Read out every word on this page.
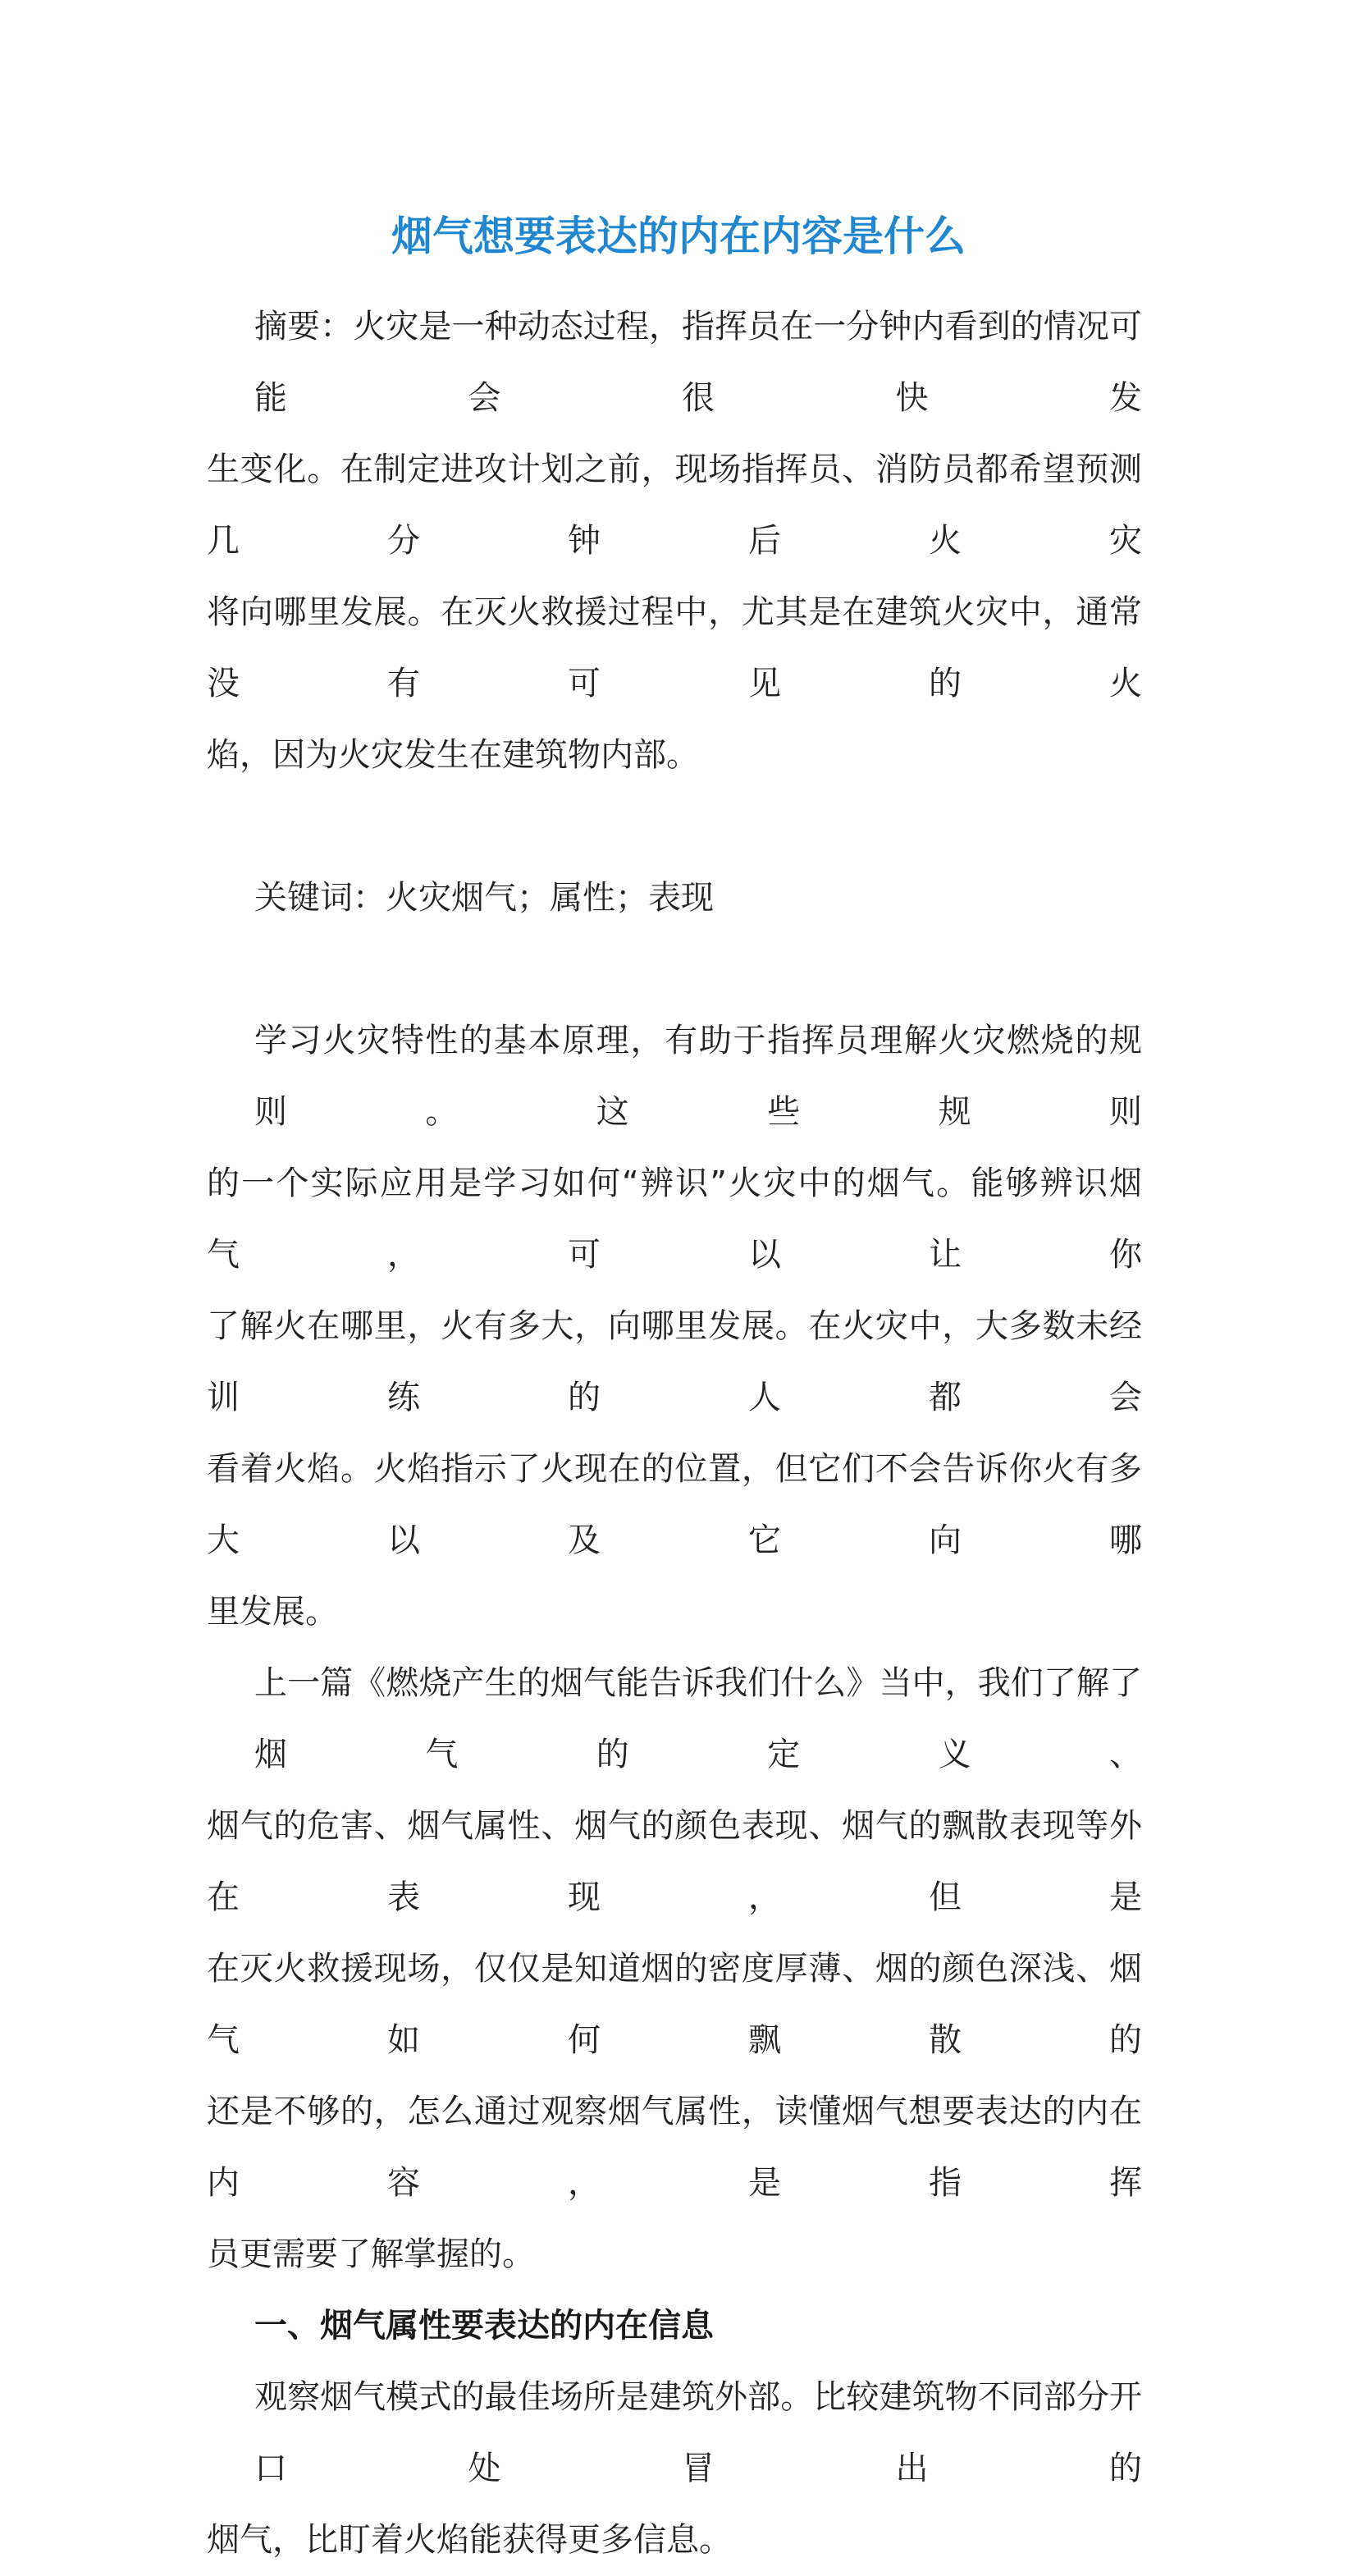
烟气想要表达的内在内容是什么
摘要：火灾是一种动态过程，指挥员在一分钟内看到的情况可能会很快发
生变化。在制定进攻计划之前，现场指挥员、消防员都希望预测几分钟后火灾
将向哪里发展。在灭火救援过程中，尤其是在建筑火灾中，通常没有可见的火
焰，因为火灾发生在建筑物内部。
关键词：火灾烟气；属性；表现
学习火灾特性的基本原理，有助于指挥员理解火灾燃烧的规则。这些规则
的一个实际应用是学习如何“辨识”火灾中的烟气。能够辨识烟气，可以让你
了解火在哪里，火有多大，向哪里发展。在火灾中，大多数未经训练的人都会
看着火焰。火焰指示了火现在的位置，但它们不会告诉你火有多大以及它向哪
里发展。
上一篇《燃烧产生的烟气能告诉我们什么》当中，我们了解了烟气的定义、
烟气的危害、烟气属性、烟气的颜色表现、烟气的飘散表现等外在表现，但是
在灭火救援现场，仅仅是知道烟的密度厚薄、烟的颜色深浅、烟气如何飘散的
还是不够的，怎么通过观察烟气属性，读懂烟气想要表达的内在内容，是指挥
员更需要了解掌握的。
一、烟气属性要表达的内在信息
观察烟气模式的最佳场所是建筑外部。比较建筑物不同部分开口处冒出的
烟气，比盯着火焰能获得更多信息。
